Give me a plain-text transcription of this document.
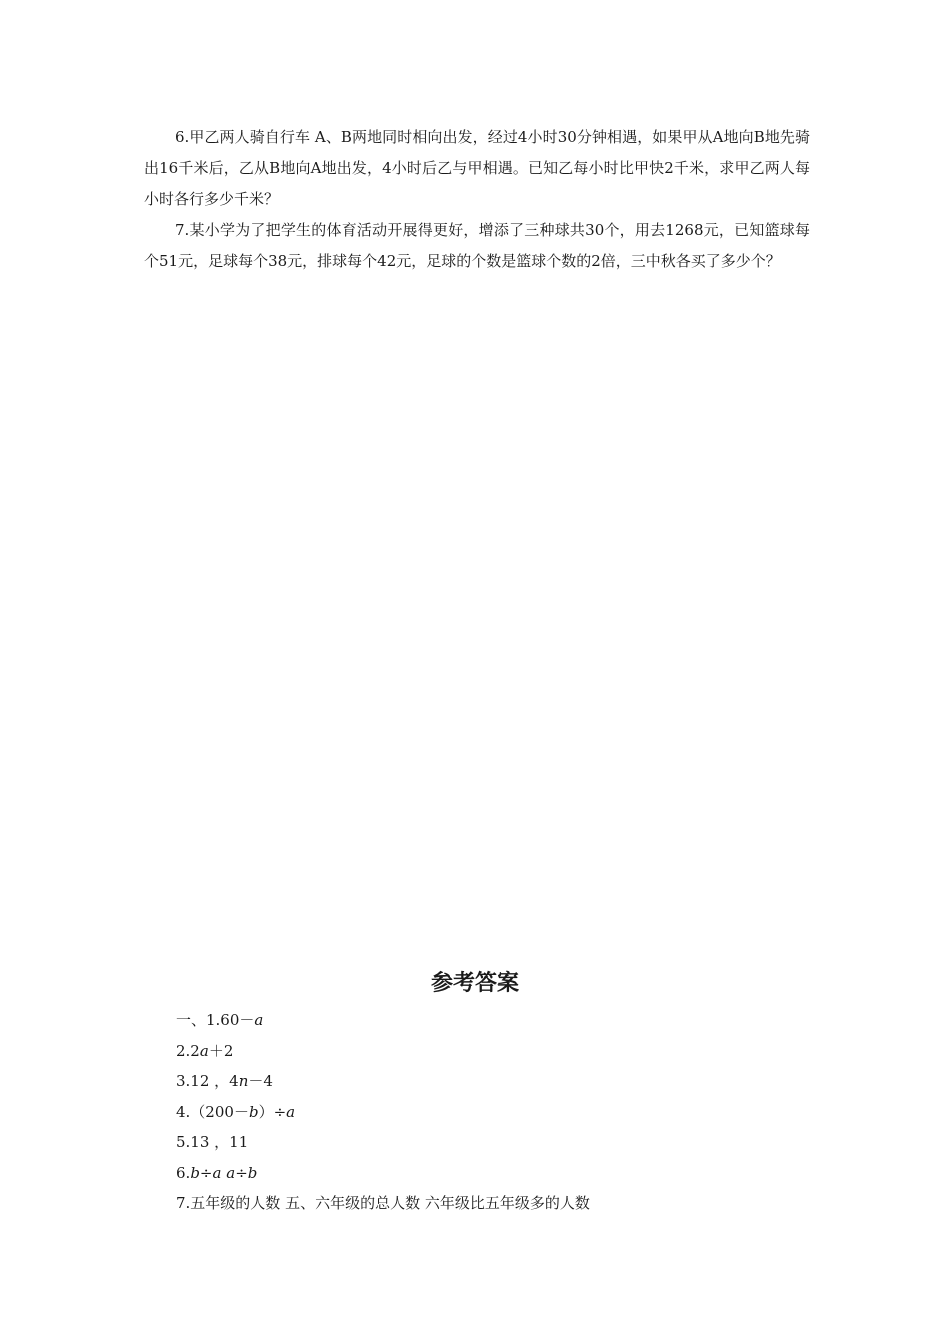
6.甲乙两人骑自行车 A、B两地同时相向出发，经过4小时30分钟相遇，如果甲从A地向B地先骑出16千米后，乙从B地向A地出发，4小时后乙与甲相遇。已知乙每小时比甲快2千米，求甲乙两人每小时各行多少千米？

7.某小学为了把学生的体育活动开展得更好，增添了三种球共30个，用去1268元，已知篮球每个51元，足球每个38元，排球每个42元，足球的个数是篮球个数的2倍，三中秋各买了多少个？

参考答案
一、1.60－a
2.2a＋2
3.12 ，4n－4
4.（200－b）÷a
5.13 ，11
6.b÷a a÷b
7.五年级的人数 五、六年级的总人数 六年级比五年级多的人数
